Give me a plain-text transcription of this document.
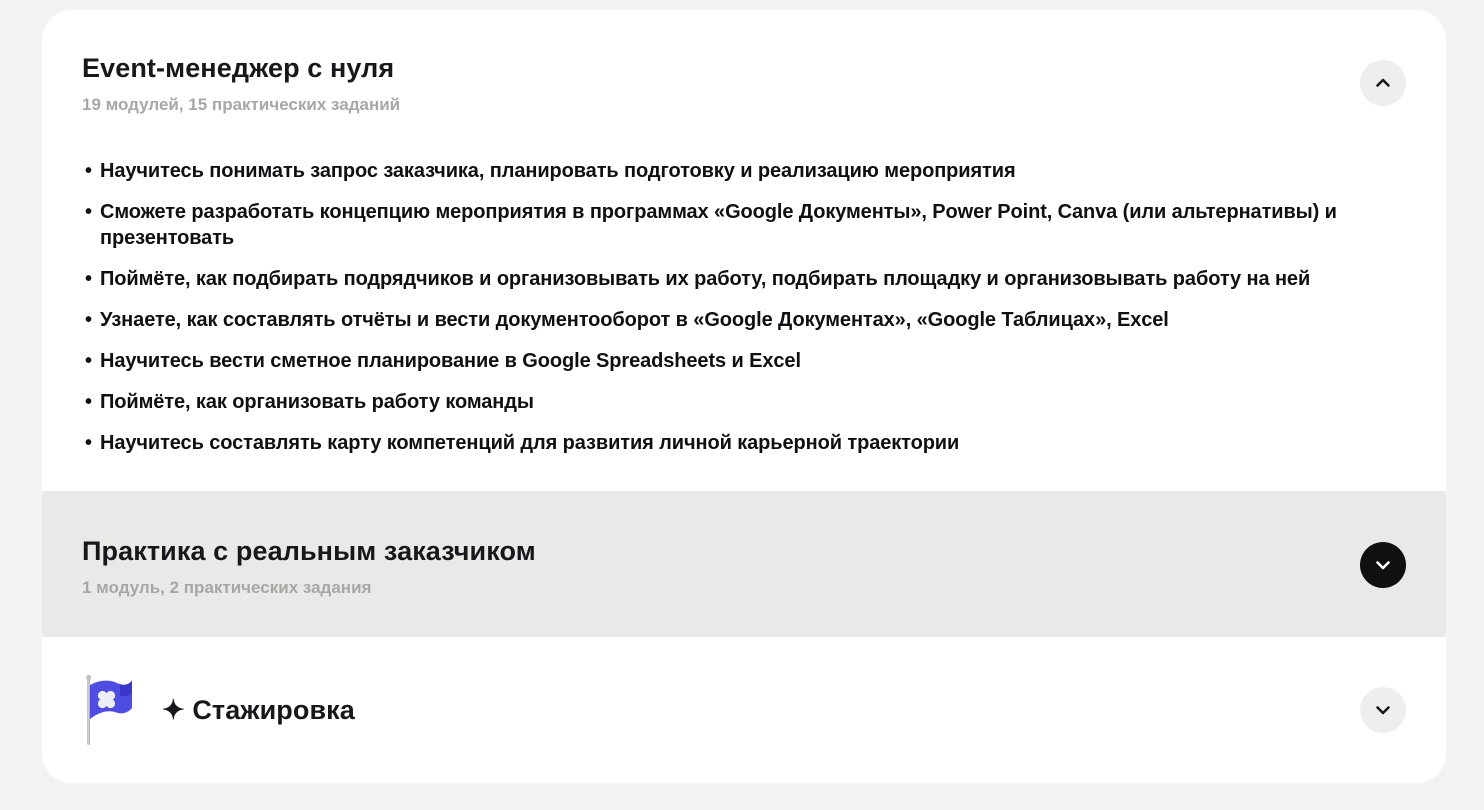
Event-менеджер с нуля
19 модулей, 15 практических заданий
• Научитесь понимать запрос заказчика, планировать подготовку и реализацию мероприятия
• Сможете разработать концепцию мероприятия в программах «Google Документы», Power Point, Canva (или альтернативы) и презентовать
• Поймёте, как подбирать подрядчиков и организовывать их работу, подбирать площадку и организовывать работу на ней
• Узнаете, как составлять отчёты и вести документооборот в «Google Документах», «Google Таблицах», Excel
• Научитесь вести сметное планирование в Google Spreadsheets и Excel
• Поймёте, как организовать работу команды
• Научитесь составлять карту компетенций для развития личной карьерной траектории
Практика с реальным заказчиком
1 модуль, 2 практических задания
✦ Стажировка
